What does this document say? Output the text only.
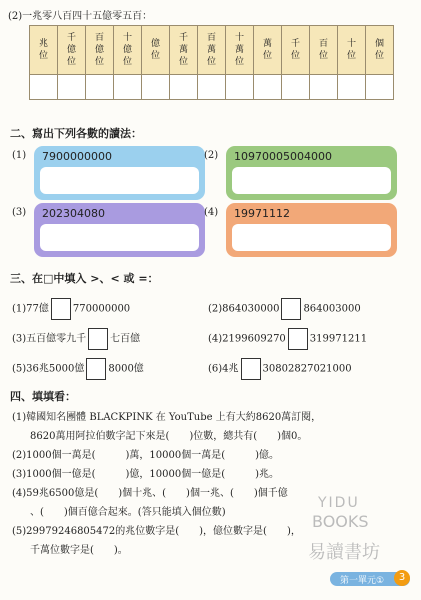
(2)一兆零八百四十五億零五百：
兆位	千億位	百億位	十億位	億位	千萬位	百萬位	十萬位	萬位	千位	百位	十位	個位

二、寫出下列各數的讀法：
(1) 7900000000	(2) 10970005004000
(3) 202304080	(4) 19971112
三、在□中填入 >、< 或 =：
(1)77億 770000000	(2)864030000 864003000
(3)五百億零九千 七百億	(4)2199609270 319971211
(5)36兆5000億 8000億	(6)4兆 30802827021000
四、填填看：
(1)韓國知名團體 BLACKPINK 在 YouTube 上有大約8620萬訂閱，
8620萬用阿拉伯數字記下來是(　　)位數，總共有(　　)個0。
(2)1000個一萬是(　　　)萬，10000個一萬是(　　　)億。
(3)1000個一億是(　　　)億，10000個一億是(　　　)兆。
(4)59兆6500億是(　　)個十兆、(　　)個一兆、(　　)個千億
、(　　)個百億合起來。(答只能填入個位數)
(5)29979246805472的兆位數字是(　　)，億位數字是(　　)，
千萬位數字是(　　)。
YIDU
BOOKS
易讀書坊
第一單元①	3
